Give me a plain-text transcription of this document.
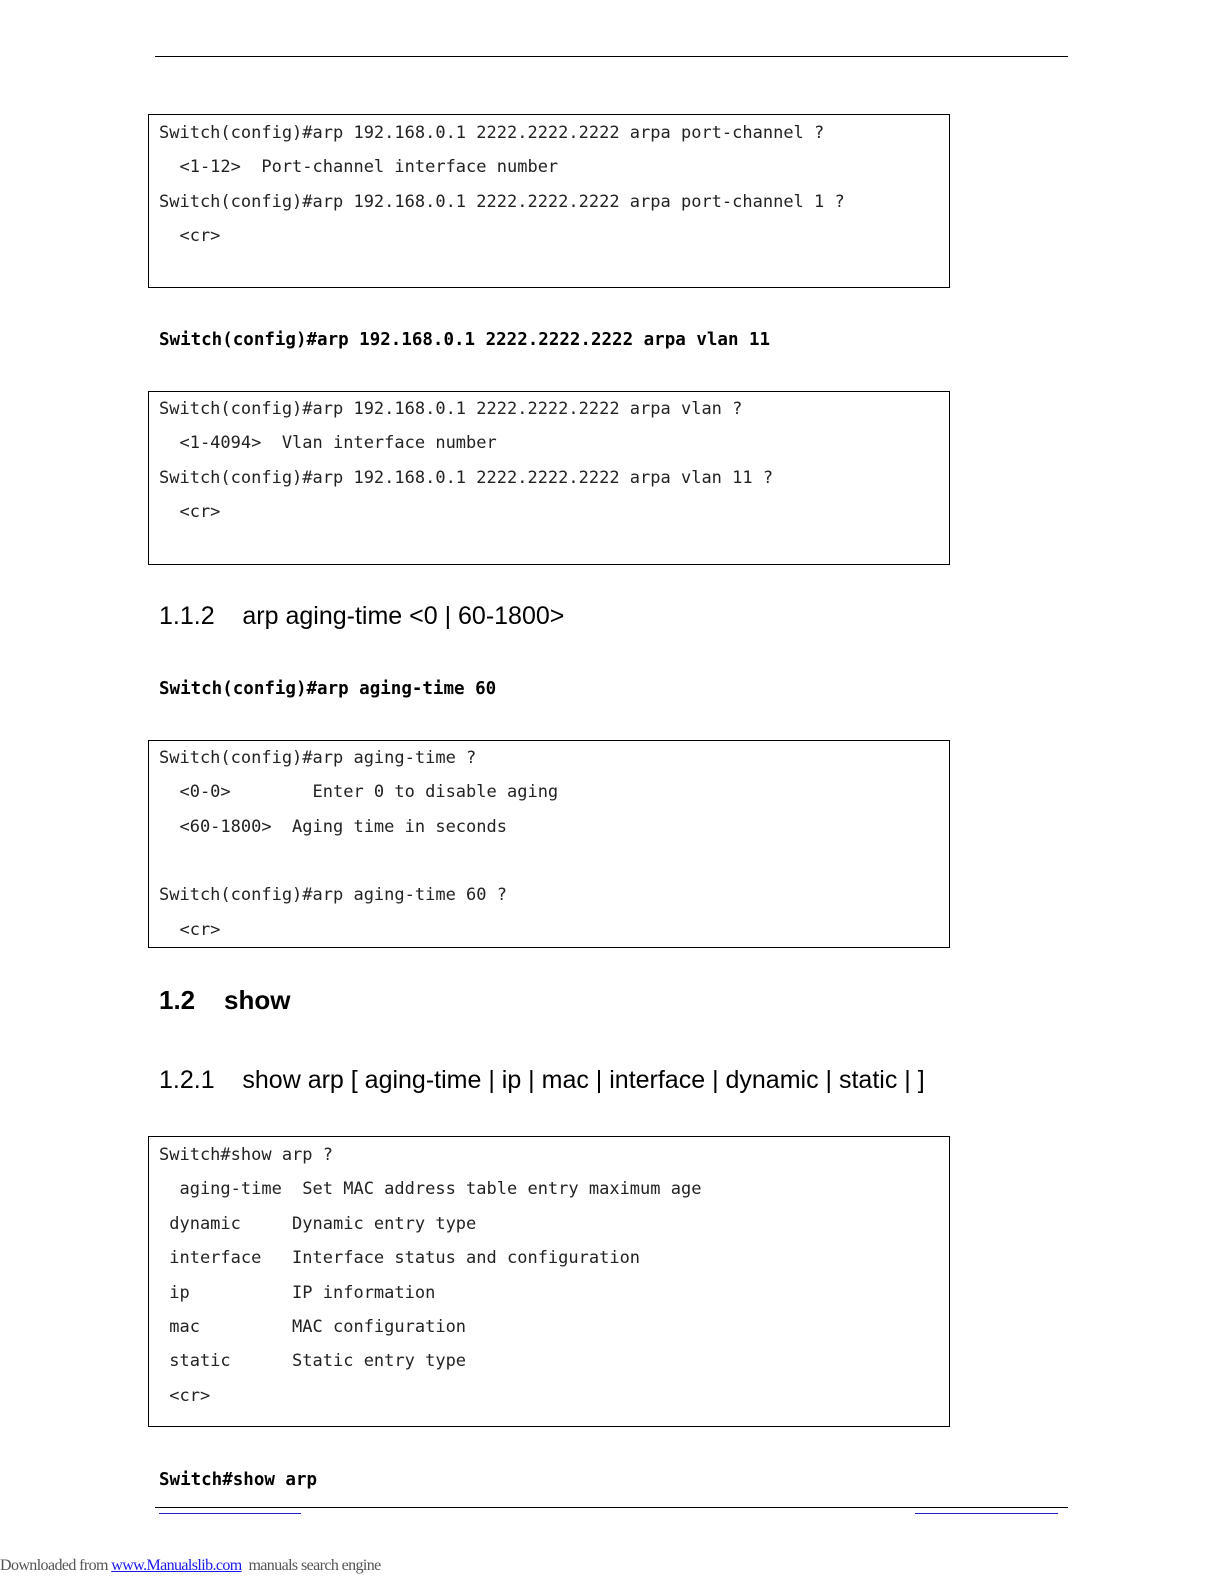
Switch(config)#arp 192.168.0.1 2222.2222.2222 arpa port-channel ?
<1-12>  Port-channel interface number
Switch(config)#arp 192.168.0.1 2222.2222.2222 arpa port-channel 1 ?
<cr>
Switch(config)#arp 192.168.0.1 2222.2222.2222 arpa vlan 11
Switch(config)#arp 192.168.0.1 2222.2222.2222 arpa vlan ?
<1-4094>  Vlan interface number
Switch(config)#arp 192.168.0.1 2222.2222.2222 arpa vlan 11 ?
<cr>
1.1.2    arp aging-time <0 | 60-1800>
Switch(config)#arp aging-time 60
Switch(config)#arp aging-time ?
<0-0>        Enter 0 to disable aging
<60-1800>  Aging time in seconds
Switch(config)#arp aging-time 60 ?
<cr>
1.2    show
1.2.1    show arp [ aging-time | ip | mac | interface | dynamic | static | ]
Switch#show arp ?
aging-time  Set MAC address table entry maximum age
dynamic     Dynamic entry type
interface   Interface status and configuration
ip          IP information
mac         MAC configuration
static      Static entry type
<cr>
Switch#show arp
Downloaded from www.Manualslib.com  manuals search engine
